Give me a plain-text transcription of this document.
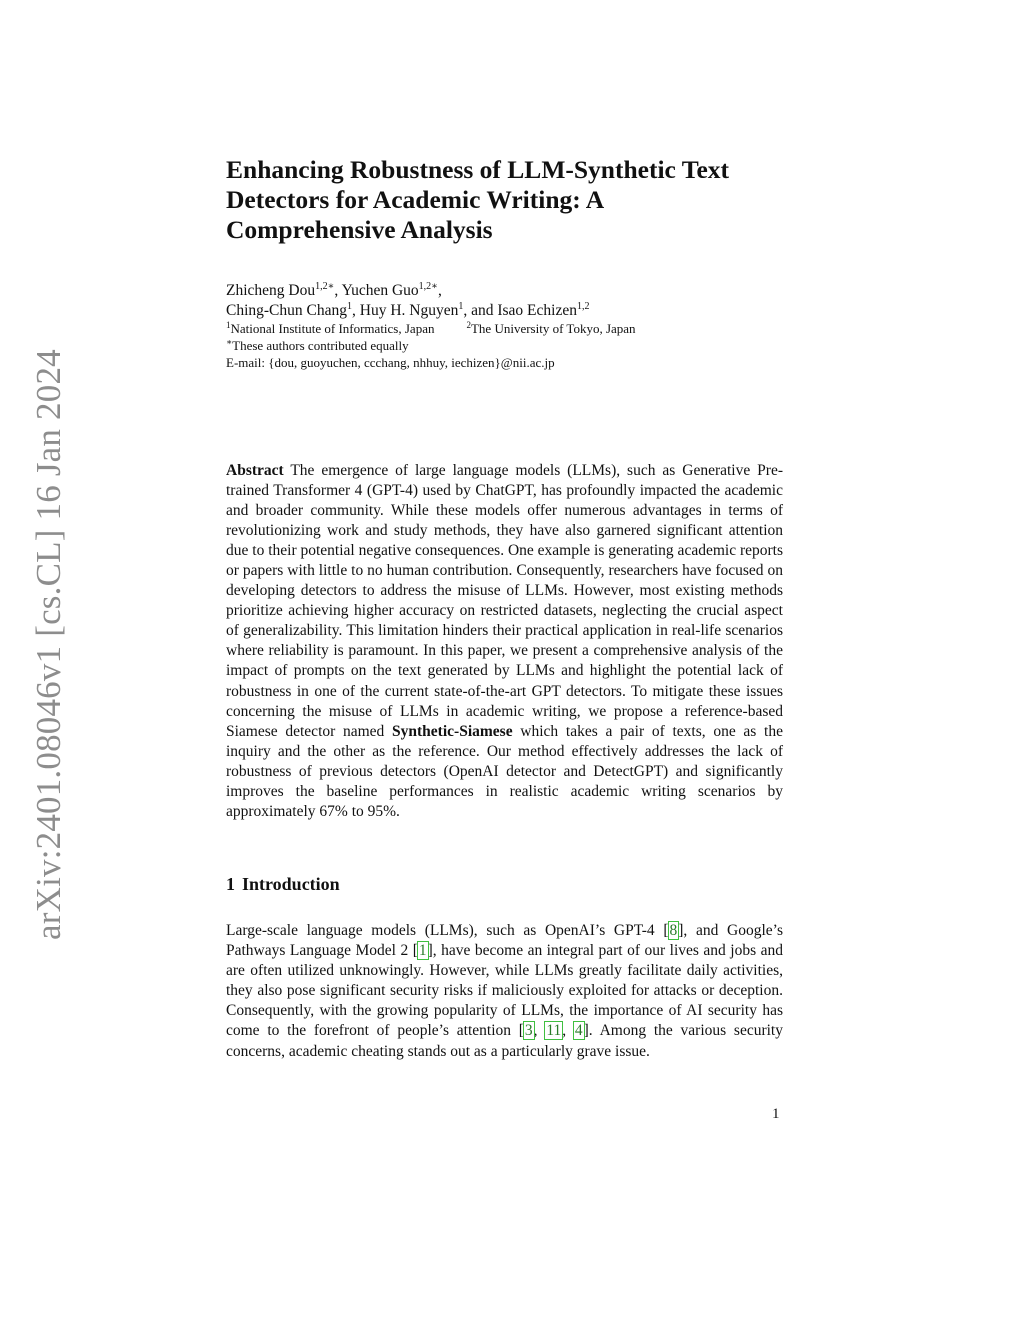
arXiv:2401.08046v1 [cs.CL] 16 Jan 2024
Enhancing Robustness of LLM-Synthetic Text
Detectors for Academic Writing: A
Comprehensive Analysis
Zhicheng Dou$^{1,2∗}$, Yuchen Guo$^{1,2∗}$,
Ching-Chun Chang$^1$, Huy H. Nguyen$^1$, and Isao Echizen$^{1,2}$
$^1$National Institute of Informatics, Japan	$^2$The University of Tokyo, Japan
∗These authors contributed equally
E-mail: {dou, guoyuchen, ccchang, nhhuy, iechizen}@nii.ac.jp

Abstract The emergence of large language models (LLMs), such as Generative Pre-trained Transformer 4 (GPT-4) used by ChatGPT, has profoundly impacted the academic and broader community. While these models offer numerous advantages in terms of revolutionizing work and study methods, they have also garnered significant attention due to their potential negative consequences. One example is generating academic reports or papers with little to no human contribution. Consequently, researchers have focused on developing detectors to address the misuse of LLMs. However, most existing methods prioritize achieving higher accuracy on restricted datasets, neglecting the crucial aspect of generalizability. This limitation hinders their practical application in real-life scenarios where reliability is paramount. In this paper, we present a comprehensive analysis of the impact of prompts on the text generated by LLMs and highlight the potential lack of robustness in one of the current state-of-the-art GPT detectors. To mitigate these issues concerning the misuse of LLMs in academic writing, we propose a reference-based Siamese detector named Synthetic-Siamese which takes a pair of texts, one as the inquiry and the other as the reference. Our method effectively addresses the lack of robustness of previous detectors (OpenAI detector and DetectGPT) and significantly improves the baseline performances in realistic academic writing scenarios by approximately 67% to 95%.

1 Introduction

Large-scale language models (LLMs), such as OpenAI’s GPT-4 [8], and Google’s Pathways Language Model 2 [1], have become an integral part of our lives and jobs and are often utilized unknowingly. However, while LLMs greatly facilitate daily activities, they also pose significant security risks if maliciously exploited for attacks or deception. Consequently, with the growing popularity of LLMs, the importance of AI security has come to the forefront of people’s attention [3, 11, 4]. Among the various security concerns, academic cheating stands out as a particularly grave issue.

1
